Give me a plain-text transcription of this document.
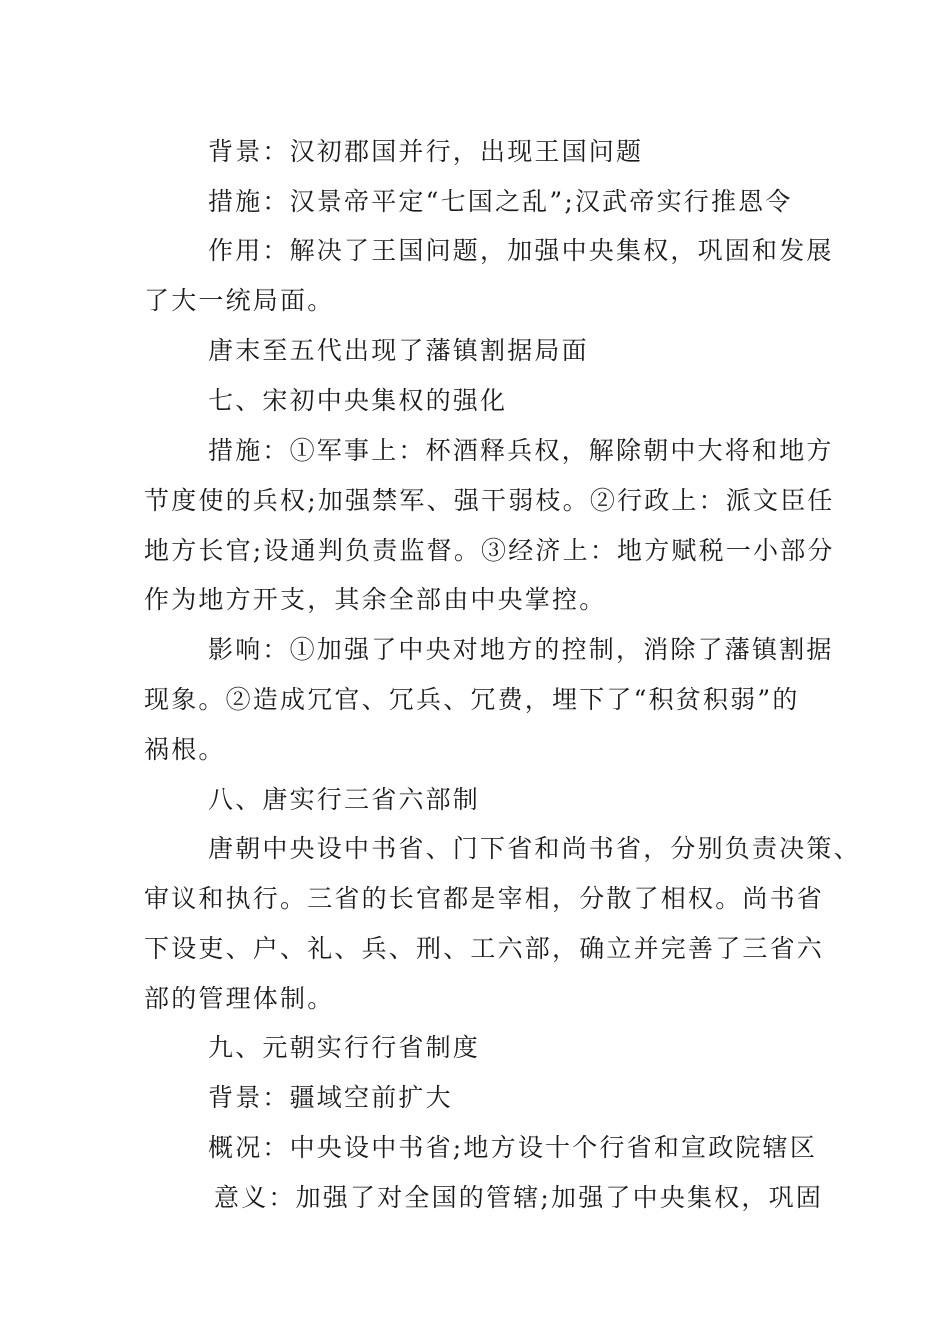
背景：汉初郡国并行，出现王国问题

措施：汉景帝平定“七国之乱”;汉武帝实行推恩令

作用：解决了王国问题，加强中央集权，巩固和发展

了大一统局面。

唐末至五代出现了藩镇割据局面

七、宋初中央集权的强化

措施：①军事上：杯酒释兵权，解除朝中大将和地方

节度使的兵权;加强禁军、强干弱枝。②行政上：派文臣任

地方长官;设通判负责监督。③经济上：地方赋税一小部分

作为地方开支，其余全部由中央掌控。

影响：①加强了中央对地方的控制，消除了藩镇割据

现象。②造成冗官、冗兵、冗费，埋下了“积贫积弱”的

祸根。

八、唐实行三省六部制

唐朝中央设中书省、门下省和尚书省，分别负责决策、

审议和执行。三省的长官都是宰相，分散了相权。尚书省

下设吏、户、礼、兵、刑、工六部，确立并完善了三省六

部的管理体制。

九、元朝实行行省制度

背景：疆域空前扩大

概况：中央设中书省;地方设十个行省和宣政院辖区

意义：加强了对全国的管辖;加强了中央集权，巩固
